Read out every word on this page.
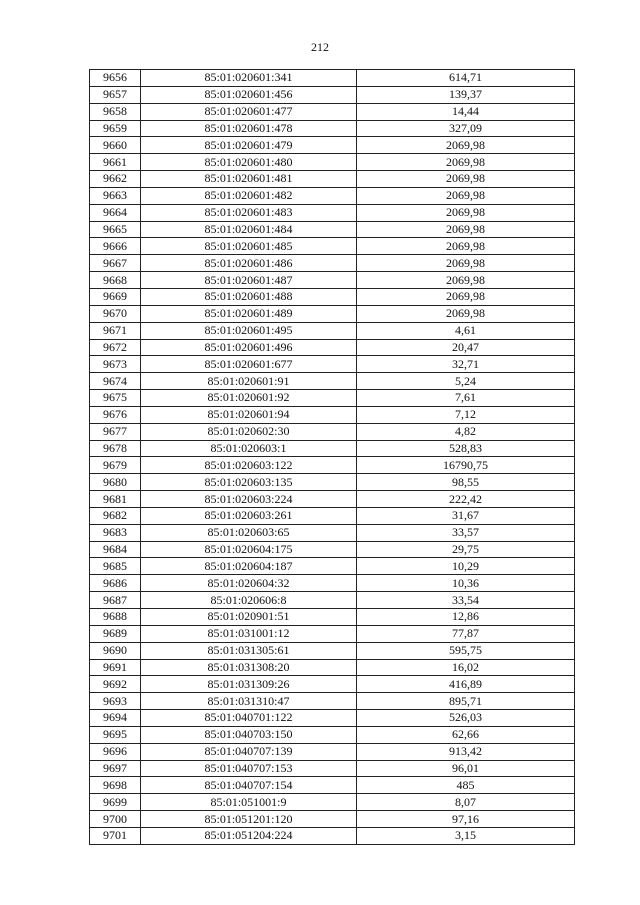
212
9656	85:01:020601:341	614,71
9657	85:01:020601:456	139,37
9658	85:01:020601:477	14,44
9659	85:01:020601:478	327,09
9660	85:01:020601:479	2069,98
9661	85:01:020601:480	2069,98
9662	85:01:020601:481	2069,98
9663	85:01:020601:482	2069,98
9664	85:01:020601:483	2069,98
9665	85:01:020601:484	2069,98
9666	85:01:020601:485	2069,98
9667	85:01:020601:486	2069,98
9668	85:01:020601:487	2069,98
9669	85:01:020601:488	2069,98
9670	85:01:020601:489	2069,98
9671	85:01:020601:495	4,61
9672	85:01:020601:496	20,47
9673	85:01:020601:677	32,71
9674	85:01:020601:91	5,24
9675	85:01:020601:92	7,61
9676	85:01:020601:94	7,12
9677	85:01:020602:30	4,82
9678	85:01:020603:1	528,83
9679	85:01:020603:122	16790,75
9680	85:01:020603:135	98,55
9681	85:01:020603:224	222,42
9682	85:01:020603:261	31,67
9683	85:01:020603:65	33,57
9684	85:01:020604:175	29,75
9685	85:01:020604:187	10,29
9686	85:01:020604:32	10,36
9687	85:01:020606:8	33,54
9688	85:01:020901:51	12,86
9689	85:01:031001:12	77,87
9690	85:01:031305:61	595,75
9691	85:01:031308:20	16,02
9692	85:01:031309:26	416,89
9693	85:01:031310:47	895,71
9694	85:01:040701:122	526,03
9695	85:01:040703:150	62,66
9696	85:01:040707:139	913,42
9697	85:01:040707:153	96,01
9698	85:01:040707:154	485
9699	85:01:051001:9	8,07
9700	85:01:051201:120	97,16
9701	85:01:051204:224	3,15
